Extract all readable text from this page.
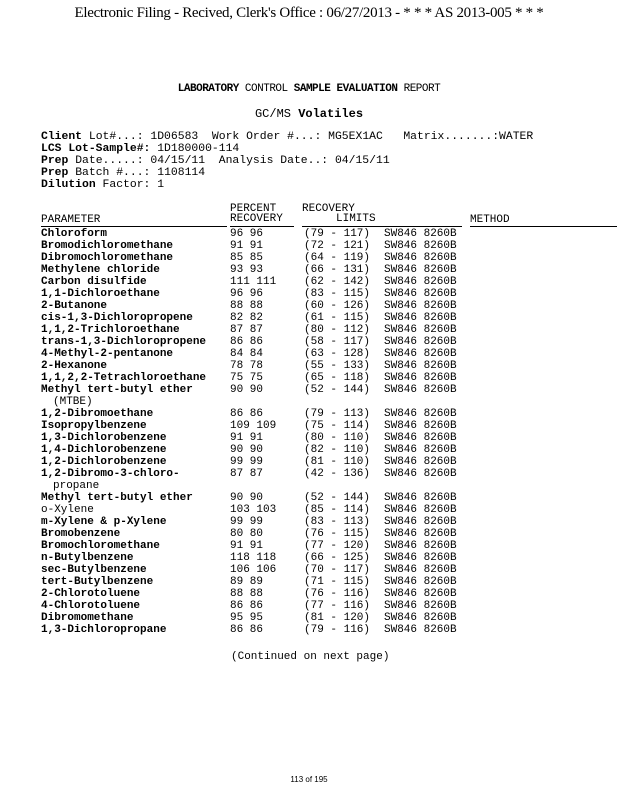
Electronic Filing - Recived, Clerk's Office : 06/27/2013 - * * * AS 2013-005 * * *
LABORATORY CONTROL SAMPLE EVALUATION REPORT
GC/MS Volatiles
Client Lot#...: 1D06583 Work Order #...: MG5EX1AC Matrix.......:WATER
LCS Lot-Sample#: 1D180000-114
Prep Date.....: 04/15/11 Analysis Date..: 04/15/11
Prep Batch #...: 1108114
Dilution Factor: 1
PERCENT
RECOVERY
RECOVERY
LIMITS
PARAMETER	METHOD
Chloroform	96 96	(79 - 117) SW846 8260B
Bromodichloromethane	91 91	(72 - 121) SW846 8260B
Dibromochloromethane	85 85	(64 - 119) SW846 8260B
Methylene chloride	93 93	(66 - 131) SW846 8260B
Carbon disulfide	111 111	(62 - 142) SW846 8260B
1,1-Dichloroethane	96 96	(83 - 115) SW846 8260B
2-Butanone	88 88	(60 - 126) SW846 8260B
cis-1,3-Dichloropropene	82 82	(61 - 115) SW846 8260B
1,1,2-Trichloroethane	87 87	(80 - 112) SW846 8260B
trans-1,3-Dichloropropene 86 86	(58 - 117) SW846 8260B
4-Methyl-2-pentanone	84 84	(63 - 128) SW846 8260B
2-Hexanone	78 78	(55 - 133) SW846 8260B
1,1,2,2-Tetrachloroethane 75 75	(65 - 118) SW846 8260B
Methyl tert-butyl ether	90 90	(52 - 144) SW846 8260B
(MTBE)
1,2-Dibromoethane	86 86	(79 - 113) SW846 8260B
Isopropylbenzene	109 109	(75 - 114) SW846 8260B
1,3-Dichlorobenzene	91 91	(80 - 110) SW846 8260B
1,4-Dichlorobenzene	90 90	(82 - 110) SW846 8260B
1,2-Dichlorobenzene	99 99	(81 - 110) SW846 8260B
1,2-Dibromo-3-chloro-	87 87	(42 - 136) SW846 8260B
propane
Methyl tert-butyl ether	90 90	(52 - 144) SW846 8260B
o-Xylene	103 103	(85 - 114) SW846 8260B
m-Xylene & p-Xylene	99 99	(83 - 113) SW846 8260B
Bromobenzene	80 80	(76 - 115) SW846 8260B
Bromochloromethane	91 91	(77 - 120) SW846 8260B
n-Butylbenzene	118 118	(66 - 125) SW846 8260B
sec-Butylbenzene	106 106	(70 - 117) SW846 8260B
tert-Butylbenzene	89 89	(71 - 115) SW846 8260B
2-Chlorotoluene	88 88	(76 - 116) SW846 8260B
4-Chlorotoluene	86 86	(77 - 116) SW846 8260B
Dibromomethane	95 95	(81 - 120) SW846 8260B
1,3-Dichloropropane	86 86	(79 - 116) SW846 8260B
(Continued on next page)
113 of 195
